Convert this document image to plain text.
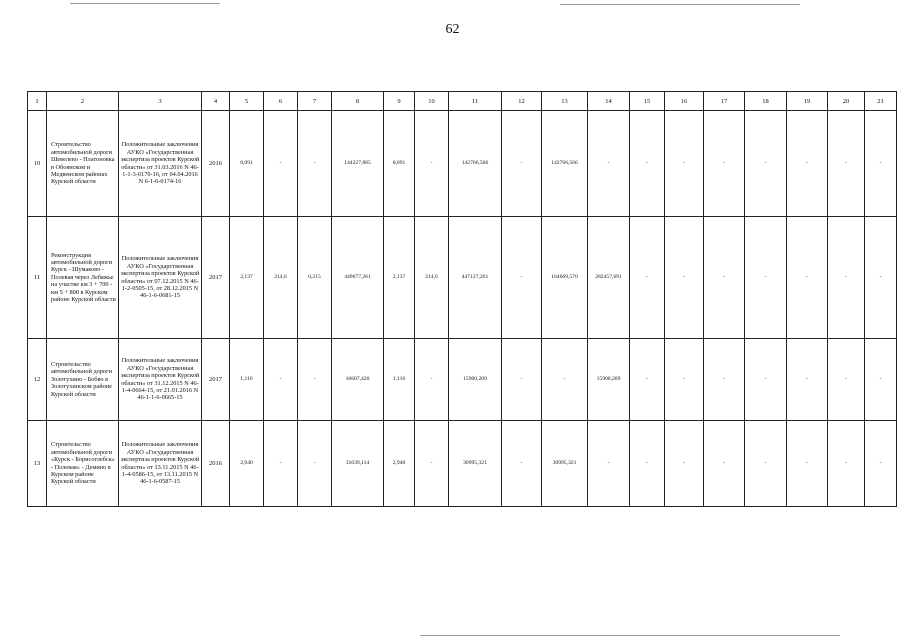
62
1	2	3	4	5	6	7	8	9	10	11	12	13	14	15	16	17	18	19	20	21
10	Строительство автомобильной дороги Шевелево - Платоновка в Обоянском и Медвенском районах Курской области	Положительные заключения АУКО «Государственная экспертиза проектов Курской области» от 31.03.2016 N 46-1-1-3-0170-16, от 04.04.2016 N 6-1-6-0174-16	2016	8,091	-	-	144227,885	8,091	-	142766,566	-	142766,566	-	-	-	-	-	-	-	-
11	Реконструкция автомобильной дороги Курск - Шумаково - Полевая через Лебяжье на участке км 3 + 700 - км 5 + 800 в Курском районе Курской области	Положительные заключения АУКО «Государственная экспертиза проектов Курской области» от 07.12.2015 N 46-1-2-0505-15, от 28.12.2015 N 46-1-6-0681-15	2017	2,137	214,6	0,215	449677,261	2,137	214,6	447127,261	-	164669,570	282457,691	-	-	-	-	-	-	-
12	Строительство автомобильной дороги Золотухино - Бобво в Золотухинском районе Курской области	Положительные заключения АУКО «Государственная экспертиза проектов Курской области» от 31.12.2015 N 46-1-4-0664-15, от 21.01.2016 N 46-1-1-6-0665-15	2017	1,116	-	-	16607,420	1,116	-	15900,209	-	-	15900,209	-	-	-	-	-	-	-
13	Строительство автомобильной дороги «Курск - Борисоглебск» - Полевая» - Демино в Курском районе Курской области	Положительные заключения АУКО «Государственная экспертиза проектов Курской области» от 13.11.2015 N 46-1-4-0586-15, от 13.11.2015 N 46-1-6-0587-15	2016	2,940	-	-	31639,114	2,940	-	30995,321	-	30995,321	-	-	-	-	-	-	-	-
